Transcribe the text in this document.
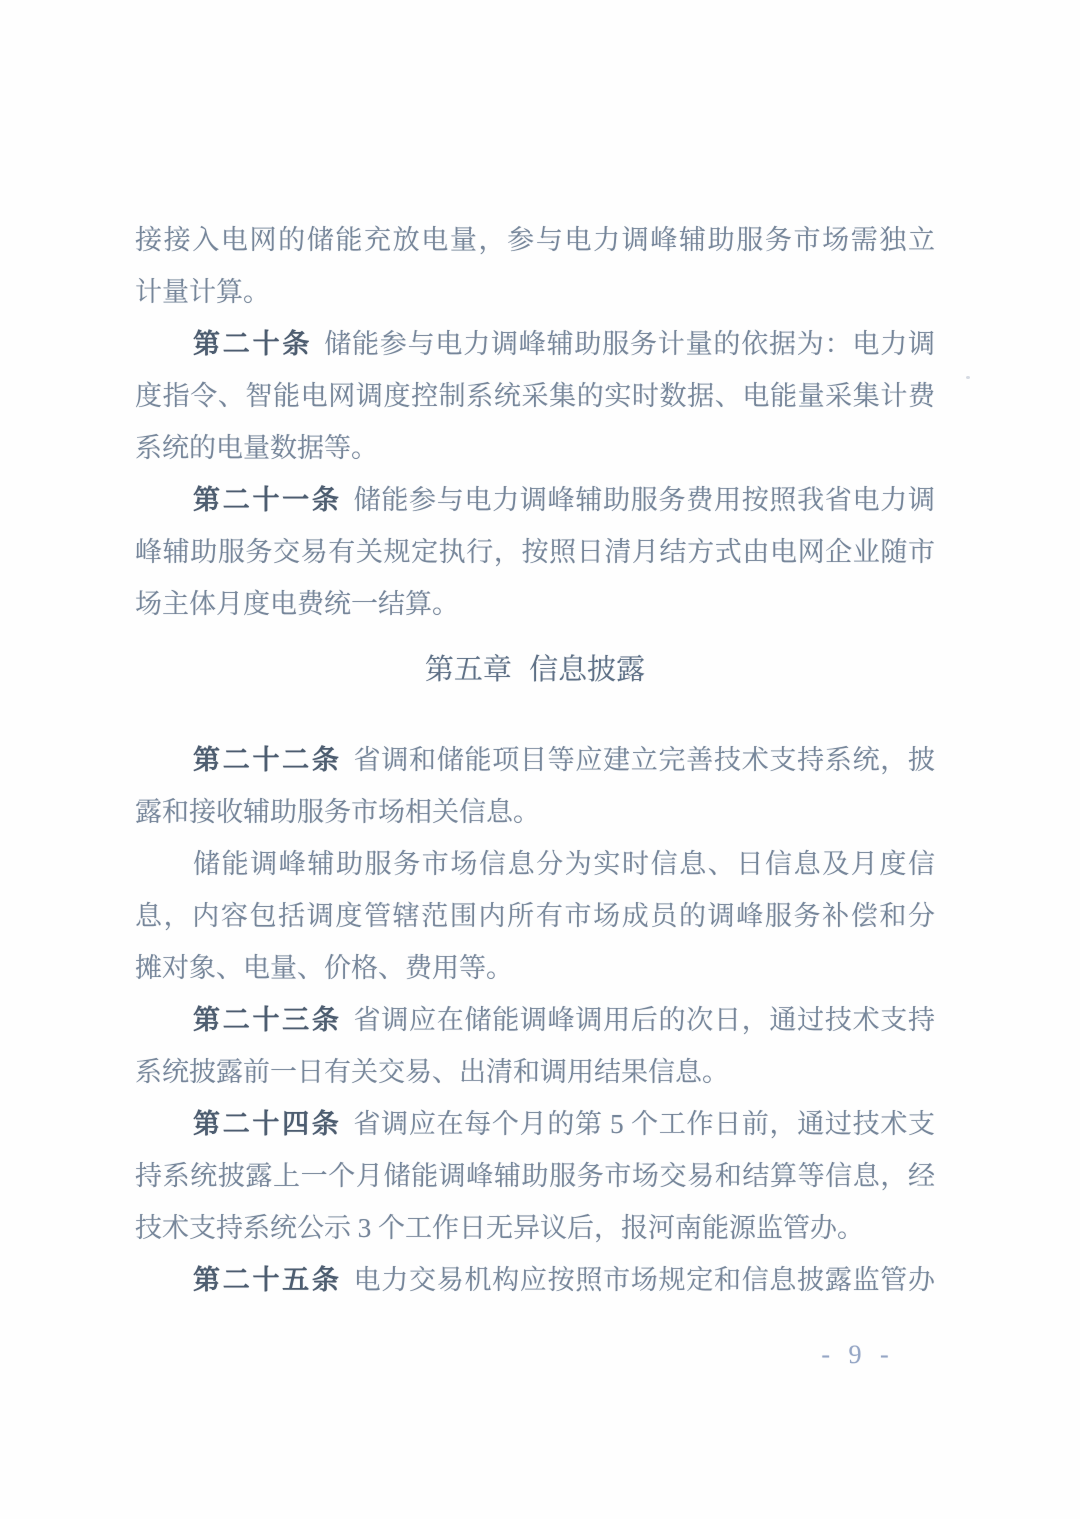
接接入电网的储能充放电量，参与电力调峰辅助服务市场需独立
计量计算。
第二十条 储能参与电力调峰辅助服务计量的依据为：电力调
度指令、智能电网调度控制系统采集的实时数据、电能量采集计费
系统的电量数据等。
第二十一条 储能参与电力调峰辅助服务费用按照我省电力调
峰辅助服务交易有关规定执行，按照日清月结方式由电网企业随市
场主体月度电费统一结算。
第五章 信息披露
第二十二条 省调和储能项目等应建立完善技术支持系统，披
露和接收辅助服务市场相关信息。
储能调峰辅助服务市场信息分为实时信息、日信息及月度信
息，内容包括调度管辖范围内所有市场成员的调峰服务补偿和分
摊对象、电量、价格、费用等。
第二十三条 省调应在储能调峰调用后的次日，通过技术支持
系统披露前一日有关交易、出清和调用结果信息。
第二十四条 省调应在每个月的第 5 个工作日前，通过技术支
持系统披露上一个月储能调峰辅助服务市场交易和结算等信息，经
技术支持系统公示 3 个工作日无异议后，报河南能源监管办。
第二十五条 电力交易机构应按照市场规定和信息披露监管办
- 9 -
